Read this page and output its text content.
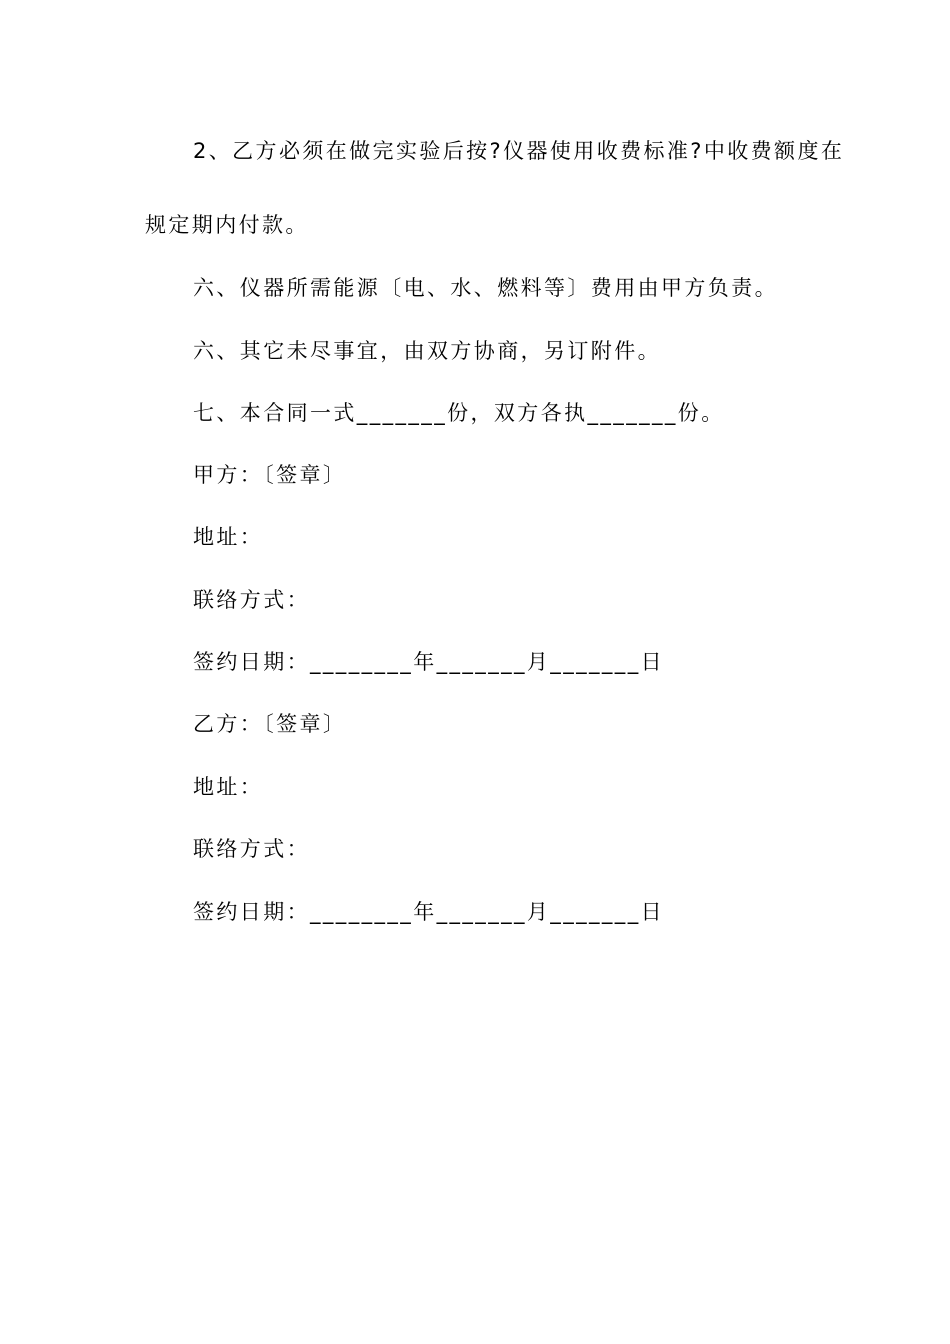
2、乙方必须在做完实验后按?仪器使用收费标准?中收费额度在
规定期内付款。
六、仪器所需能源〔电、水、燃料等〕费用由甲方负责。
六、其它未尽事宜，由双方协商，另订附件。
七、本合同一式_______份，双方各执_______份。
甲方：〔签章〕
地址：
联络方式：
签约日期：________年_______月_______日
乙方：〔签章〕
地址：
联络方式：
签约日期：________年_______月_______日
